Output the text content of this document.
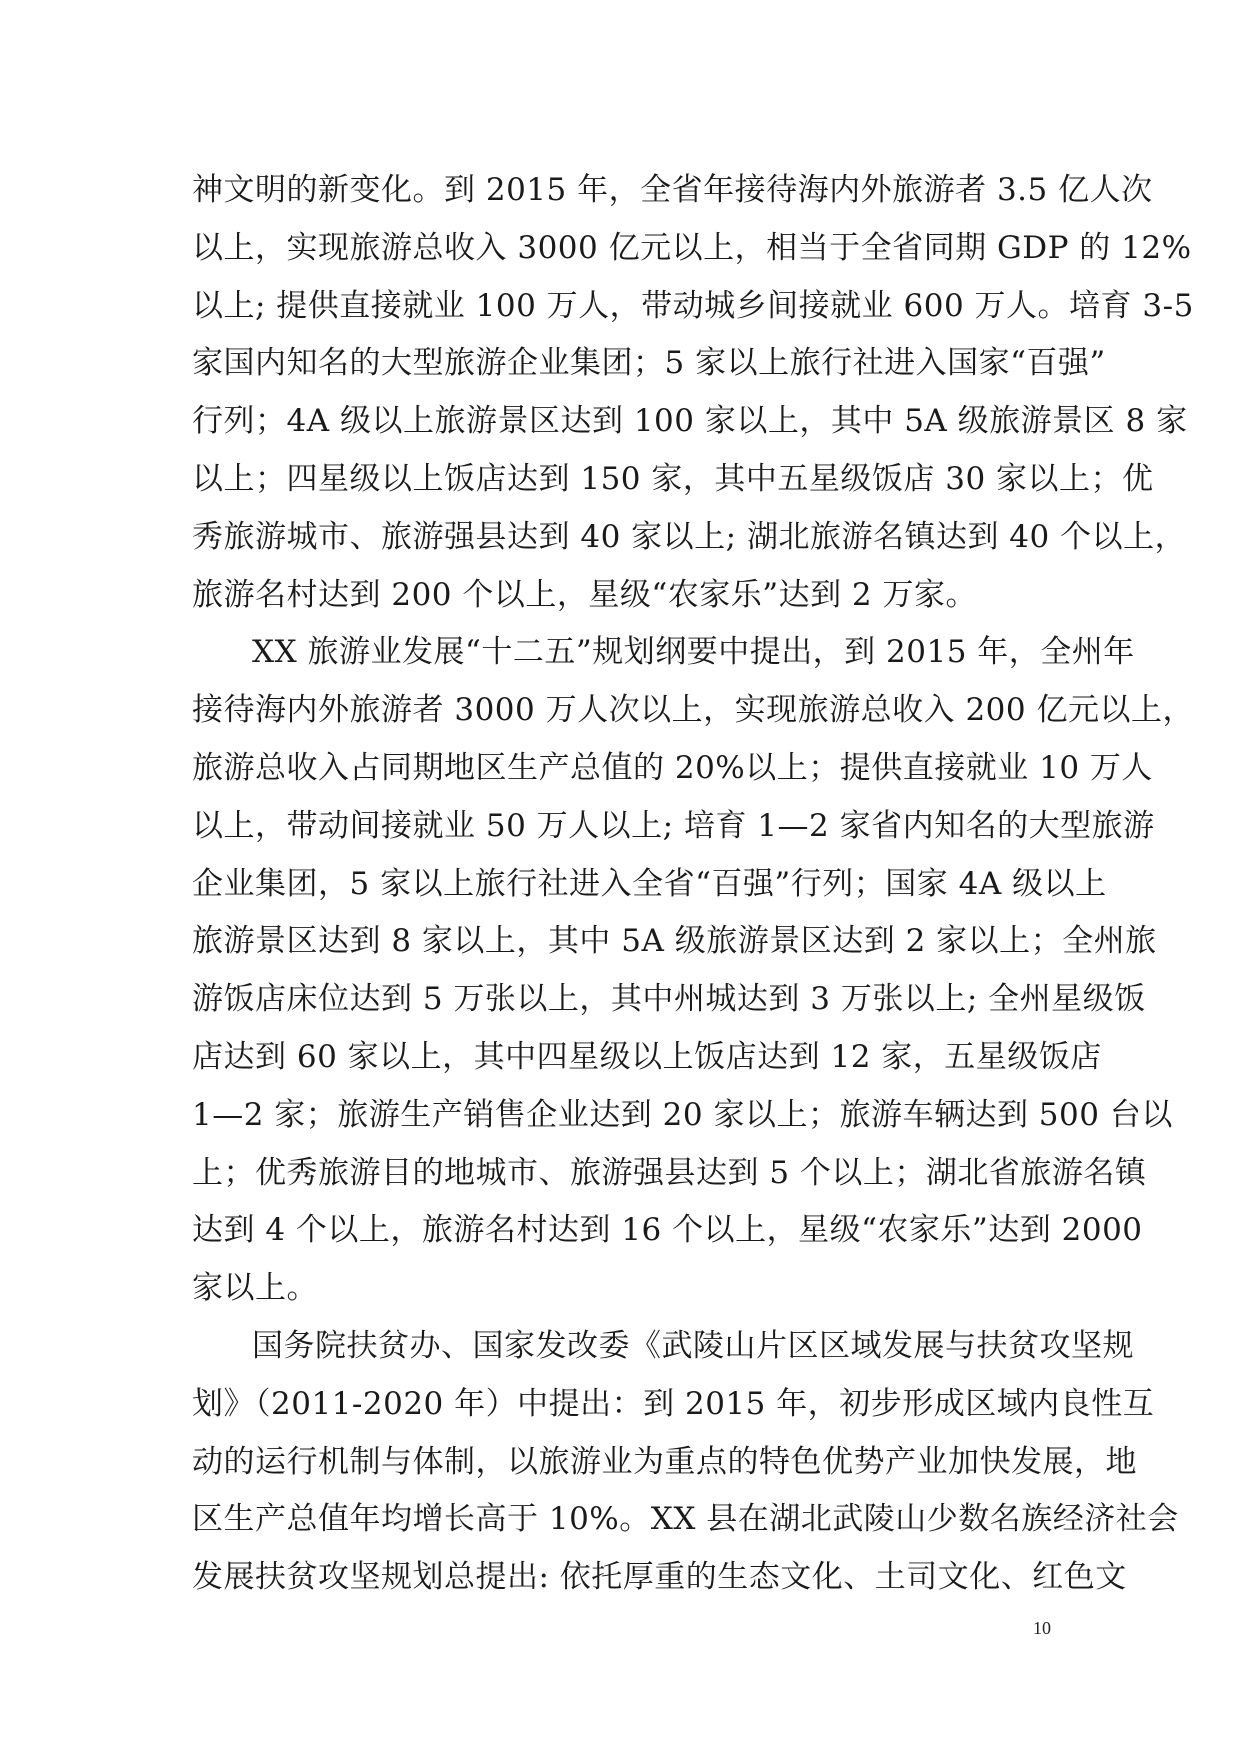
神文明的新变化。到 2015 年，全省年接待海内外旅游者 3.5 亿人次
以上，实现旅游总收入 3000 亿元以上，相当于全省同期 GDP 的 12%
以上; 提供直接就业 100 万人，带动城乡间接就业 600 万人。培育 3-5
家国内知名的大型旅游企业集团；5 家以上旅行社进入国家“百强”
行列；4A 级以上旅游景区达到 100 家以上，其中 5A 级旅游景区 8 家
以上；四星级以上饭店达到 150 家，其中五星级饭店 30 家以上；优
秀旅游城市、旅游强县达到 40 家以上; 湖北旅游名镇达到 40 个以上，
旅游名村达到 200 个以上，星级“农家乐”达到 2 万家。
XX 旅游业发展“十二五”规划纲要中提出，到 2015 年，全州年
接待海内外旅游者 3000 万人次以上，实现旅游总收入 200 亿元以上，
旅游总收入占同期地区生产总值的 20%以上；提供直接就业 10 万人
以上，带动间接就业 50 万人以上; 培育 1—2 家省内知名的大型旅游
企业集团，5 家以上旅行社进入全省“百强”行列；国家 4A 级以上
旅游景区达到 8 家以上，其中 5A 级旅游景区达到 2 家以上；全州旅
游饭店床位达到 5 万张以上，其中州城达到 3 万张以上; 全州星级饭
店达到 60 家以上，其中四星级以上饭店达到 12 家，五星级饭店
1—2 家；旅游生产销售企业达到 20 家以上；旅游车辆达到 500 台以
上；优秀旅游目的地城市、旅游强县达到 5 个以上；湖北省旅游名镇
达到 4 个以上，旅游名村达到 16 个以上，星级“农家乐”达到 2000
家以上。
国务院扶贫办、国家发改委《武陵山片区区域发展与扶贫攻坚规
划》（2011-2020 年）中提出：到 2015 年，初步形成区域内良性互
动的运行机制与体制，以旅游业为重点的特色优势产业加快发展，地
区生产总值年均增长高于 10%。XX 县在湖北武陵山少数名族经济社会
发展扶贫攻坚规划总提出: 依托厚重的生态文化、土司文化、红色文
10
